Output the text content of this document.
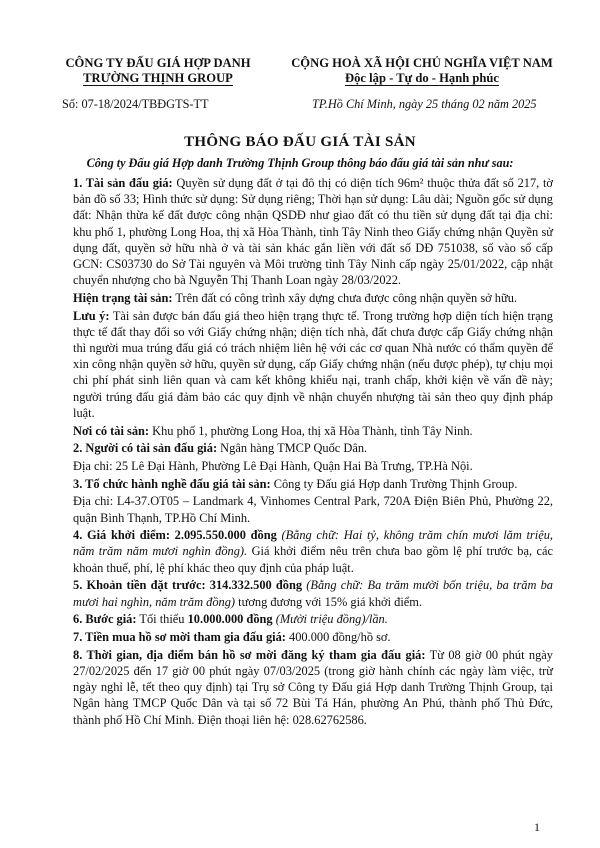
CÔNG TY ĐẤU GIÁ HỢP DANH
TRƯỜNG THỊNH GROUP
CỘNG HOÀ XÃ HỘI CHỦ NGHĨA VIỆT NAM
Độc lập - Tự do - Hạnh phúc
Số: 07-18/2024/TBĐGTS-TT	TP.Hồ Chí Minh, ngày 25 tháng 02 năm 2025
THÔNG BÁO ĐẤU GIÁ TÀI SẢN
Công ty Đấu giá Hợp danh Trường Thịnh Group thông báo đấu giá tài sản như sau:

1. Tài sản đấu giá: Quyền sử dụng đất ở tại đô thị có diện tích 96m² thuộc thửa đất số 217, tờ bản đồ số 33; Hình thức sử dụng: Sử dụng riêng; Thời hạn sử dụng: Lâu dài; Nguồn gốc sử dụng đất: Nhận thừa kế đất được công nhận QSDĐ như giao đất có thu tiền sử dụng đất tại địa chỉ: khu phố 1, phường Long Hoa, thị xã Hòa Thành, tỉnh Tây Ninh theo Giấy chứng nhận Quyền sử dụng đất, quyền sở hữu nhà ở và tài sản khác gắn liền với đất số DĐ 751038, số vào sổ cấp GCN: CS03730 do Sở Tài nguyên và Môi trường tỉnh Tây Ninh cấp ngày 25/01/2022, cập nhật chuyển nhượng cho bà Nguyễn Thị Thanh Loan ngày 28/03/2022.

Hiện trạng tài sản: Trên đất có công trình xây dựng chưa được công nhận quyền sở hữu.

Lưu ý: Tài sản được bán đấu giá theo hiện trạng thực tế. Trong trường hợp diện tích hiện trạng thực tế đất thay đổi so với Giấy chứng nhận; diện tích nhà, đất chưa được cấp Giấy chứng nhận thì người mua trúng đấu giá có trách nhiệm liên hệ với các cơ quan Nhà nước có thẩm quyền để xin công nhận quyền sở hữu, quyền sử dụng, cấp Giấy chứng nhận (nếu được phép), tự chịu mọi chi phí phát sinh liên quan và cam kết không khiếu nại, tranh chấp, khởi kiện về vấn đề này; người trúng đấu giá đảm bảo các quy định về nhận chuyển nhượng tài sản theo quy định pháp luật.

Nơi có tài sản: Khu phố 1, phường Long Hoa, thị xã Hòa Thành, tỉnh Tây Ninh.

2. Người có tài sản đấu giá: Ngân hàng TMCP Quốc Dân.

Địa chỉ: 25 Lê Đại Hành, Phường Lê Đại Hành, Quận Hai Bà Trưng, TP.Hà Nội.

3. Tổ chức hành nghề đấu giá tài sản: Công ty Đấu giá Hợp danh Trường Thịnh Group.

Địa chỉ: L4-37.OT05 – Landmark 4, Vinhomes Central Park, 720A Điện Biên Phủ, Phường 22, quận Bình Thạnh, TP.Hồ Chí Minh.

4. Giá khởi điểm: 2.095.550.000 đồng (Bằng chữ: Hai tỷ, không trăm chín mươi lăm triệu, năm trăm năm mươi nghìn đồng). Giá khởi điểm nêu trên chưa bao gồm lệ phí trước bạ, các khoản thuế, phí, lệ phí khác theo quy định của pháp luật.

5. Khoản tiền đặt trước: 314.332.500 đồng (Bằng chữ: Ba trăm mười bốn triệu, ba trăm ba mươi hai nghìn, năm trăm đồng) tương đương với 15% giá khởi điểm.

6. Bước giá: Tối thiểu 10.000.000 đồng (Mười triệu đồng)/lần.

7. Tiền mua hồ sơ mời tham gia đấu giá: 400.000 đồng/hồ sơ.

8. Thời gian, địa điểm bán hồ sơ mời đăng ký tham gia đấu giá: Từ 08 giờ 00 phút ngày 27/02/2025 đến 17 giờ 00 phút ngày 07/03/2025 (trong giờ hành chính các ngày làm việc, trừ ngày nghỉ lễ, tết theo quy định) tại Trụ sở Công ty Đấu giá Hợp danh Trường Thịnh Group, tại Ngân hàng TMCP Quốc Dân và tại số 72 Bùi Tá Hán, phường An Phú, thành phố Thủ Đức, thành phố Hồ Chí Minh. Điện thoại liên hệ: 028.62762586.

1
